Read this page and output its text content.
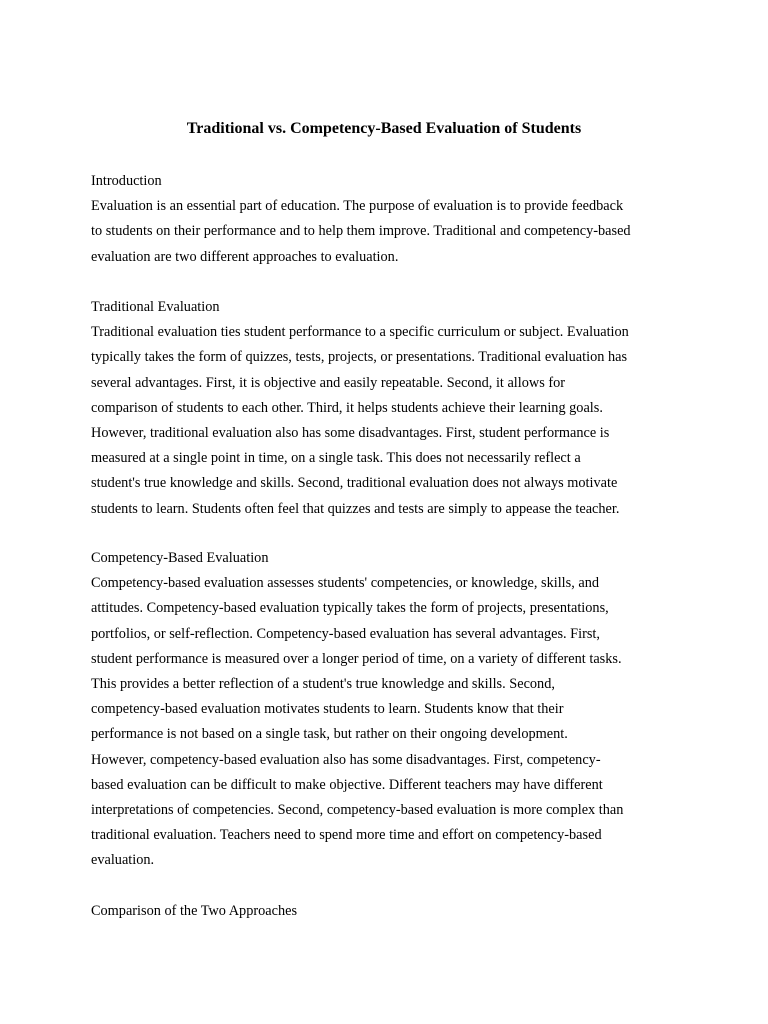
Traditional vs. Competency-Based Evaluation of Students
Introduction

Evaluation is an essential part of education. The purpose of evaluation is to provide feedback

to students on their performance and to help them improve. Traditional and competency-based

evaluation are two different approaches to evaluation.

Traditional Evaluation

Traditional evaluation ties student performance to a specific curriculum or subject. Evaluation

typically takes the form of quizzes, tests, projects, or presentations. Traditional evaluation has

several advantages. First, it is objective and easily repeatable. Second, it allows for

comparison of students to each other. Third, it helps students achieve their learning goals.

However, traditional evaluation also has some disadvantages. First, student performance is

measured at a single point in time, on a single task. This does not necessarily reflect a

student's true knowledge and skills. Second, traditional evaluation does not always motivate

students to learn. Students often feel that quizzes and tests are simply to appease the teacher.

Competency-Based Evaluation

Competency-based evaluation assesses students' competencies, or knowledge, skills, and

attitudes. Competency-based evaluation typically takes the form of projects, presentations,

portfolios, or self-reflection. Competency-based evaluation has several advantages. First,

student performance is measured over a longer period of time, on a variety of different tasks.

This provides a better reflection of a student's true knowledge and skills. Second,

competency-based evaluation motivates students to learn. Students know that their

performance is not based on a single task, but rather on their ongoing development.

However, competency-based evaluation also has some disadvantages. First, competency-

based evaluation can be difficult to make objective. Different teachers may have different

interpretations of competencies. Second, competency-based evaluation is more complex than

traditional evaluation. Teachers need to spend more time and effort on competency-based

evaluation.

Comparison of the Two Approaches
